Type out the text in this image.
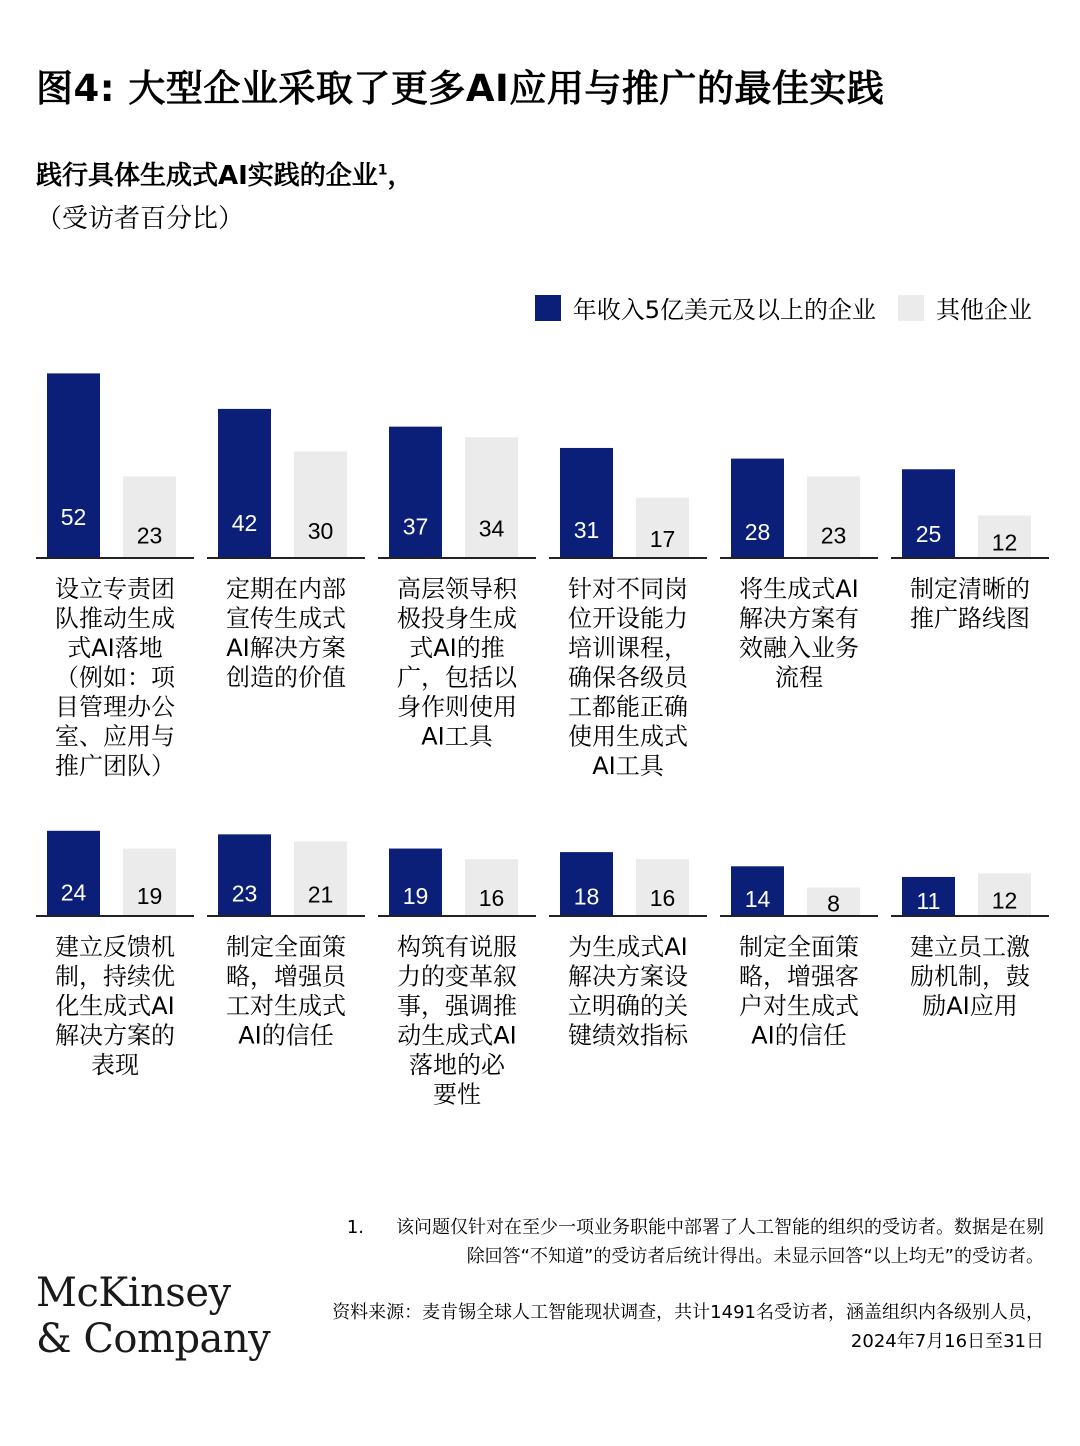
图4: 大型企业采取了更多AI应用与推广的最佳实践

践行具体生成式AI实践的企业$^1$，

（受访者百分比）

年收入5亿美元及以上的企业	其他企业
52
23
设立专责团
队推动生成
式AI落地
（例如：项
目管理办公
室、应用与
推广团队）
42 30
定期在内部
宣传生成式
AI解决方案
创造的价值
37 34
高层领导积
极投身生成
式AI的推
广，包括以
身作则使用
AI工具
31 17
针对不同岗
位开设能力
培训课程，
确保各级员
工都能正确
使用生成式
AI工具
28 23
将生成式AI
解决方案有
效融入业务
流程
25 12
制定清晰的
推广路线图
24 19
建立反馈机
制，持续优
化生成式AI
解决方案的
表现
23 21
制定全面策
略，增强员
工对生成式
AI的信任
19 16
构筑有说服
力的变革叙
事，强调推
动生成式AI
落地的必
要性
18 16
为生成式AI
解决方案设
立明确的关
键绩效指标
14 8
制定全面策
略，增强客
户对生成式
AI的信任
11 12
建立员工激
励机制，鼓
励AI应用
1.	该问题仅针对在至少一项业务职能中部署了人工智能的组织的受访者。数据是在剔除回答“不知道”的受访者后统计得出。未显示回答“以上均无”的受访者。
资料来源：麦肯锡全球人工智能现状调查，共计1491名受访者，涵盖组织内各级别人员，2024年7月16日至31日
McKinsey
& Company
